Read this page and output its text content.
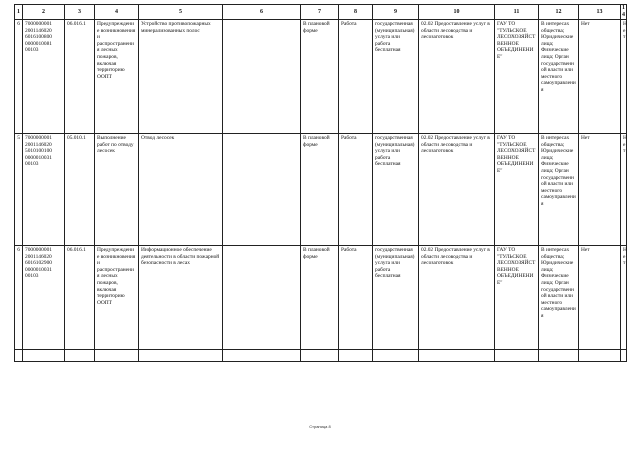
1	2	3	4	5	6	7	8	9	10	11	12	13	14
6	7000000001 2001146020 6016100800 0000010081 00103	06.016.1	Предупреждение возникновения и распространения лесных пожаров, включая территорию ООПТ	Устройство противопожарных минерализованных полос		В плановой форме	Работа	государственная (муниципальная) услуга или работа бесплатная	02.02 Предоставление услуг в области лесоводства и лесозаготовок	ГАУ ТО "ТУЛЬСКОЕ ЛЕСОХОЗЯЙСТВЕННОЕ ОБЪЕДИНЕНИЕ"	В интересах общества; Юридические лица; Физические лица; Орган государственной власти или местного самоуправления	Нет	Нет
5	7000000001 2001146020 5010100100 0000010031 00103	05.010.1	Выполнение работ по отводу лесосек	Отвод лесосек		В плановой форме	Работа	государственная (муниципальная) услуга или работа бесплатная	02.02 Предоставление услуг в области лесоводства и лесозаготовок	ГАУ ТО "ТУЛЬСКОЕ ЛЕСОХОЗЯЙСТВЕННОЕ ОБЪЕДИНЕНИЕ"	В интересах общества; Юридические лица; Физические лица; Орган государственной власти или местного самоуправления	Нет	Нет
6	7000000001 2001146020 6016102900 0000010031 00103	06.016.1	Предупреждение возникновения и распространения лесных пожаров, включая территорию ООПТ	Информационное обеспечение деятельности в области пожарной безопасности в лесах		В плановой форме	Работа	государственная (муниципальная) услуга или работа бесплатная	02.02 Предоставление услуг в области лесоводства и лесозаготовок	ГАУ ТО "ТУЛЬСКОЕ ЛЕСОХОЗЯЙСТВЕННОЕ ОБЪЕДИНЕНИЕ"	В интересах общества; Юридические лица; Физические лица; Орган государственной власти или местного самоуправления	Нет	Нет

Страница 8
